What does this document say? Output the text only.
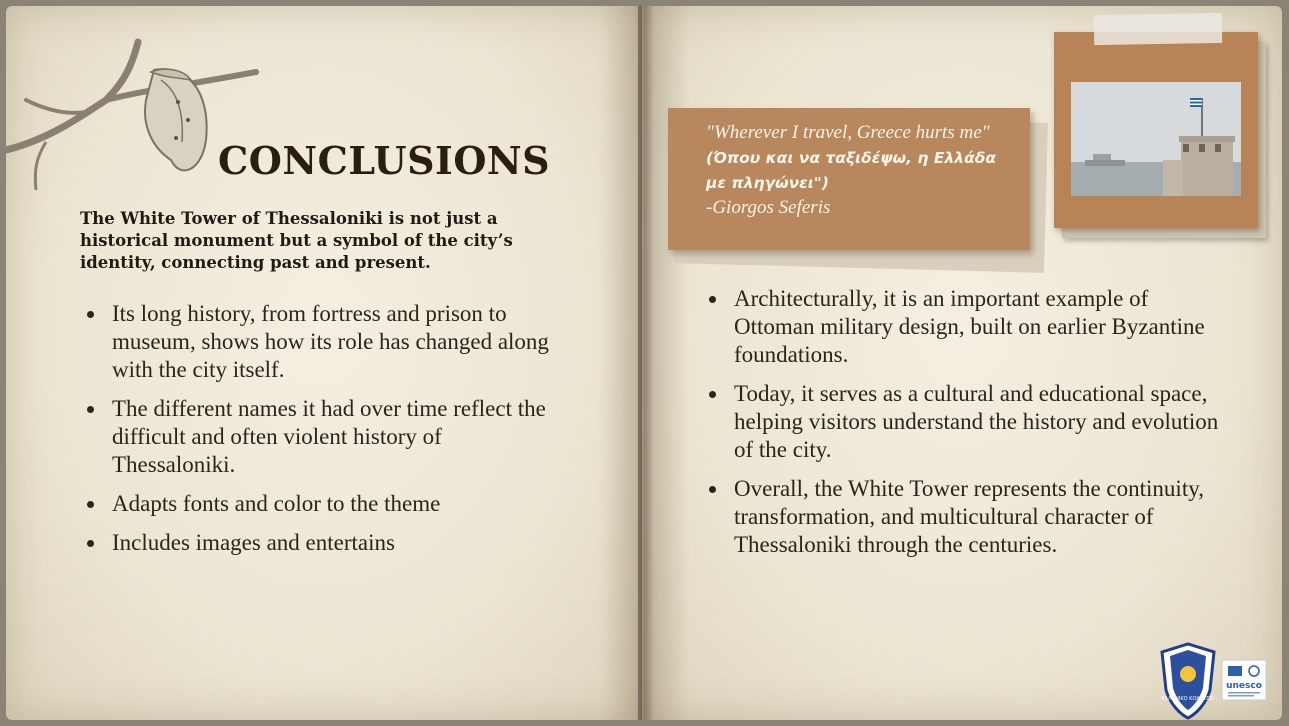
CONCLUSIONS

The White Tower of Thessaloniki is not just a historical monument but a symbol of the city’s identity, connecting past and present.

Its long history, from fortress and prison to museum, shows how its role has changed along with the city itself.
The different names it had over time reflect the difficult and often violent history of Thessaloniki.
Adapts fonts and color to the theme
Includes images and entertains

"Wherever I travel, Greece hurts me" (Όπου και να ταξιδέψω, η Ελλάδα με πληγώνει")
-Giorgos Seferis

Architecturally, it is an important example of Ottoman military design, built on earlier Byzantine foundations.
Today, it serves as a cultural and educational space, helping visitors understand the history and evolution of the city.
Overall, the White Tower represents the continuity, transformation, and multicultural character of Thessaloniki through the centuries.
ΕΛΛΗΝΙΚΟ ΚΟΛΛΕΓΙΟ
unesco
